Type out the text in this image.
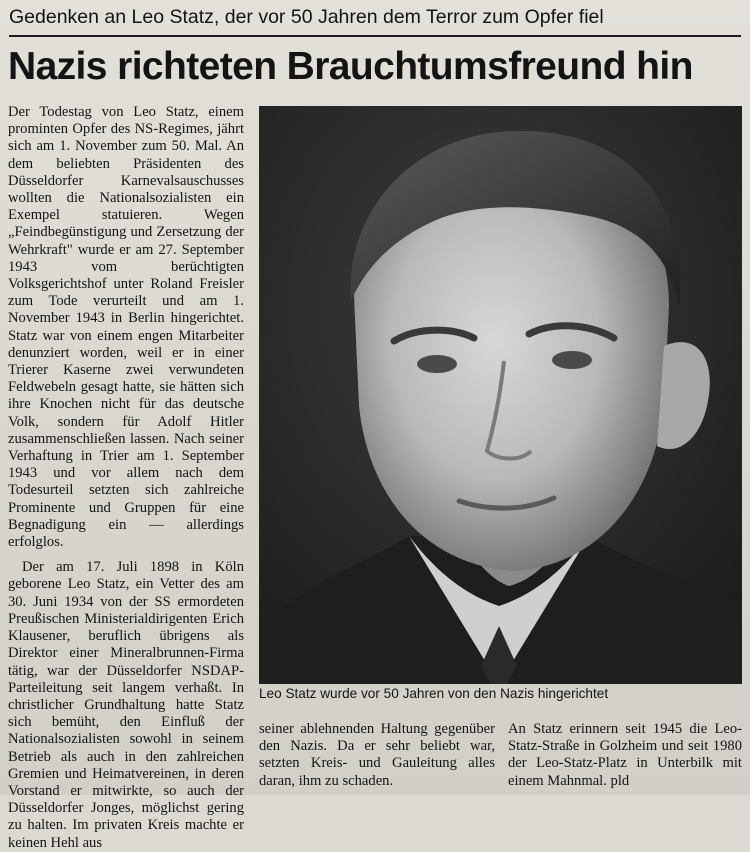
Gedenken an Leo Statz, der vor 50 Jahren dem Terror zum Opfer fiel
Nazis richteten Brauchtumsfreund hin

Der Todestag von Leo Statz, einem prominten Opfer des NS-Regimes, jährt sich am 1. November zum 50. Mal. An dem beliebten Präsidenten des Düsseldorfer Karnevalsauschusses wollten die Nationalsozialisten ein Exempel statuieren. Wegen „Feindbegünstigung und Zersetzung der Wehrkraft" wurde er am 27. September 1943 vom berüchtigten Volksgerichtshof unter Roland Freisler zum Tode verurteilt und am 1. November 1943 in Berlin hingerichtet. Statz war von einem engen Mitarbeiter denunziert worden, weil er in einer Trierer Kaserne zwei verwundeten Feldwebeln gesagt hatte, sie hätten sich ihre Knochen nicht für das deutsche Volk, sondern für Adolf Hitler zusammenschließen lassen. Nach seiner Verhaftung in Trier am 1. September 1943 und vor allem nach dem Todesurteil setzten sich zahlreiche Prominente und Gruppen für eine Begnadigung ein — allerdings erfolglos.

Der am 17. Juli 1898 in Köln geborene Leo Statz, ein Vetter des am 30. Juni 1934 von der SS ermordeten Preußischen Ministerialdirigenten Erich Klausener, beruflich übrigens als Direktor einer Mineralbrunnen-Firma tätig, war der Düsseldorfer NSDAP-Parteileitung seit langem verhaßt. In christlicher Grundhaltung hatte Statz sich bemüht, den Einfluß der Nationalsozialisten sowohl in seinem Betrieb als auch in den zahlreichen Gremien und Heimatvereinen, in deren Vorstand er mitwirkte, so auch der Düsseldorfer Jonges, möglichst gering zu halten. Im privaten Kreis machte er keinen Hehl aus

Leo Statz wurde vor 50 Jahren von den Nazis hingerichtet

seiner ablehnenden Haltung gegenüber den Nazis. Da er sehr beliebt war, setzten Kreis- und Gauleitung alles daran, ihm zu schaden.

An Statz erinnern seit 1945 die Leo-Statz-Straße in Golzheim und seit 1980 der Leo-Statz-Platz in Unterbilk mit einem Mahnmal. pld
